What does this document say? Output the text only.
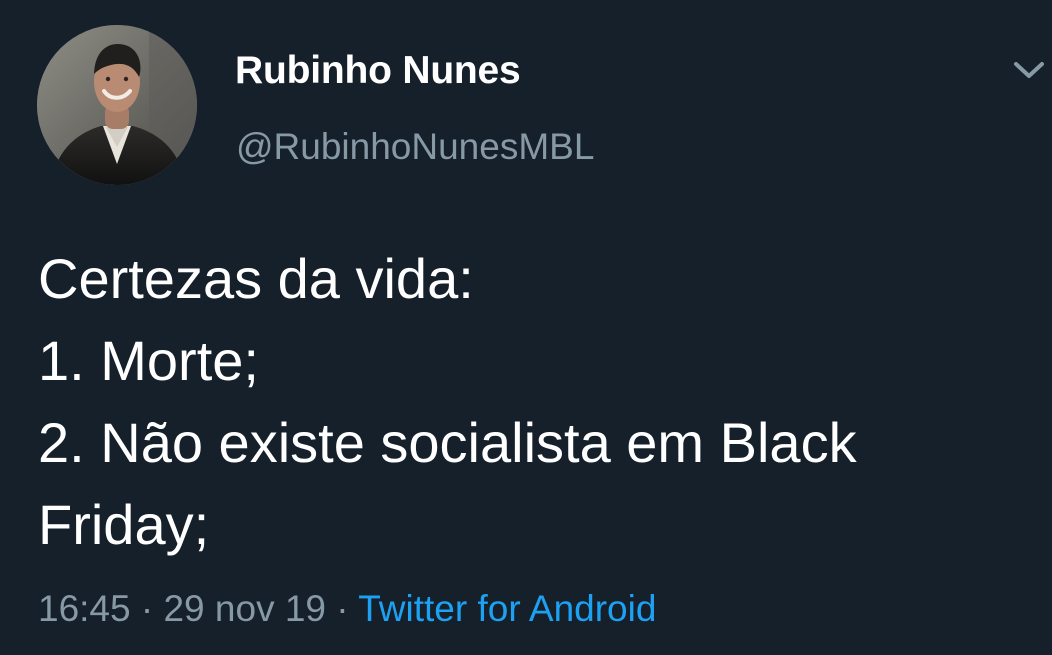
Rubinho Nunes
@RubinhoNunesMBL
Certezas da vida:
1. Morte;
2. Não existe socialista em Black
Friday;
16:45 · 29 nov 19 · Twitter for Android
